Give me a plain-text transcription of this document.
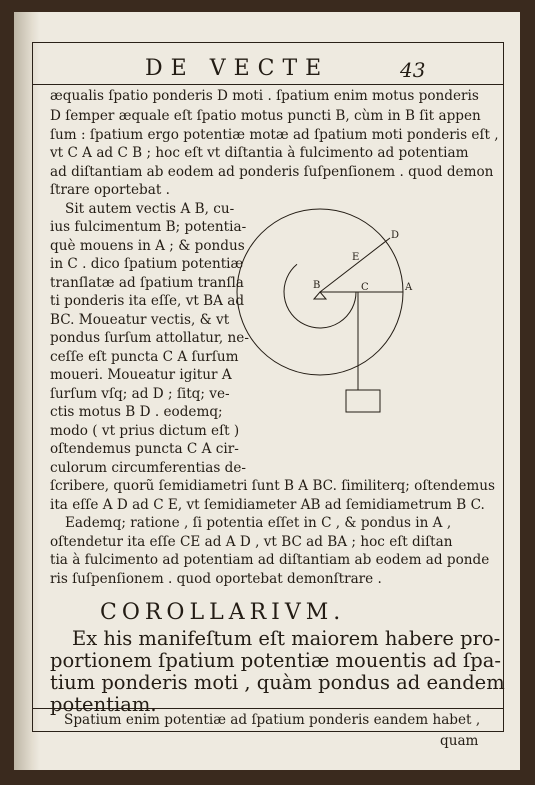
DE VECTE	43
æqualis ſpatio ponderis D moti . ſpatium enim motus ponderis
D ſemper æquale eſt ſpatio motus puncti B, cùm in B ſit appen
ſum : ſpatium ergo potentiæ motæ ad ſpatium moti ponderis eſt ,
vt C A ad C B ; hoc eſt vt diſtantia à fulcimento ad potentiam
ad diſtantiam ab eodem ad ponderis ſuſpenſionem . quod demon
ſtrare oportebat .
Sit autem vectis A B, cu-
ius fulcimentum B; potentia-
què mouens in A ; & pondus
in C . dico ſpatium potentiæ
tranſlatæ ad ſpatium tranſla
ti ponderis ita eſſe, vt BA ad
BC. Moueatur vectis, & vt
pondus ſurſum attollatur, ne-
ceſſe eſt puncta C A ſurſum
moueri. Moueatur igitur A
ſurſum vſq; ad D ; ſitq; ve-
ctis motus B D . eodemq;
modo ( vt prius dictum eſt )
oſtendemus puncta C A cir-
culorum circumferentias de-
B	C	A
D
E
ſcribere, quorũ ſemidiametri ſunt B A BC. ſimiliterq; oſtendemus
ita eſſe A D ad C E, vt ſemidiameter AB ad ſemidiametrum B C.
Eademq; ratione , ſi potentia eſſet in C , & pondus in A ,
oſtendetur ita eſſe CE ad A D , vt BC ad BA ; hoc eſt diſtan
tia à fulcimento ad potentiam ad diſtantiam ab eodem ad ponde
ris ſuſpenſionem . quod oportebat demonſtrare .
COROLLARIVM.
Ex his manifeſtum eſt maiorem habere pro-
portionem ſpatium potentiæ mouentis ad ſpa-
tium ponderis moti , quàm pondus ad eandem
potentiam.
Spatium enim potentiæ ad ſpatium ponderis eandem habet ,
quam
